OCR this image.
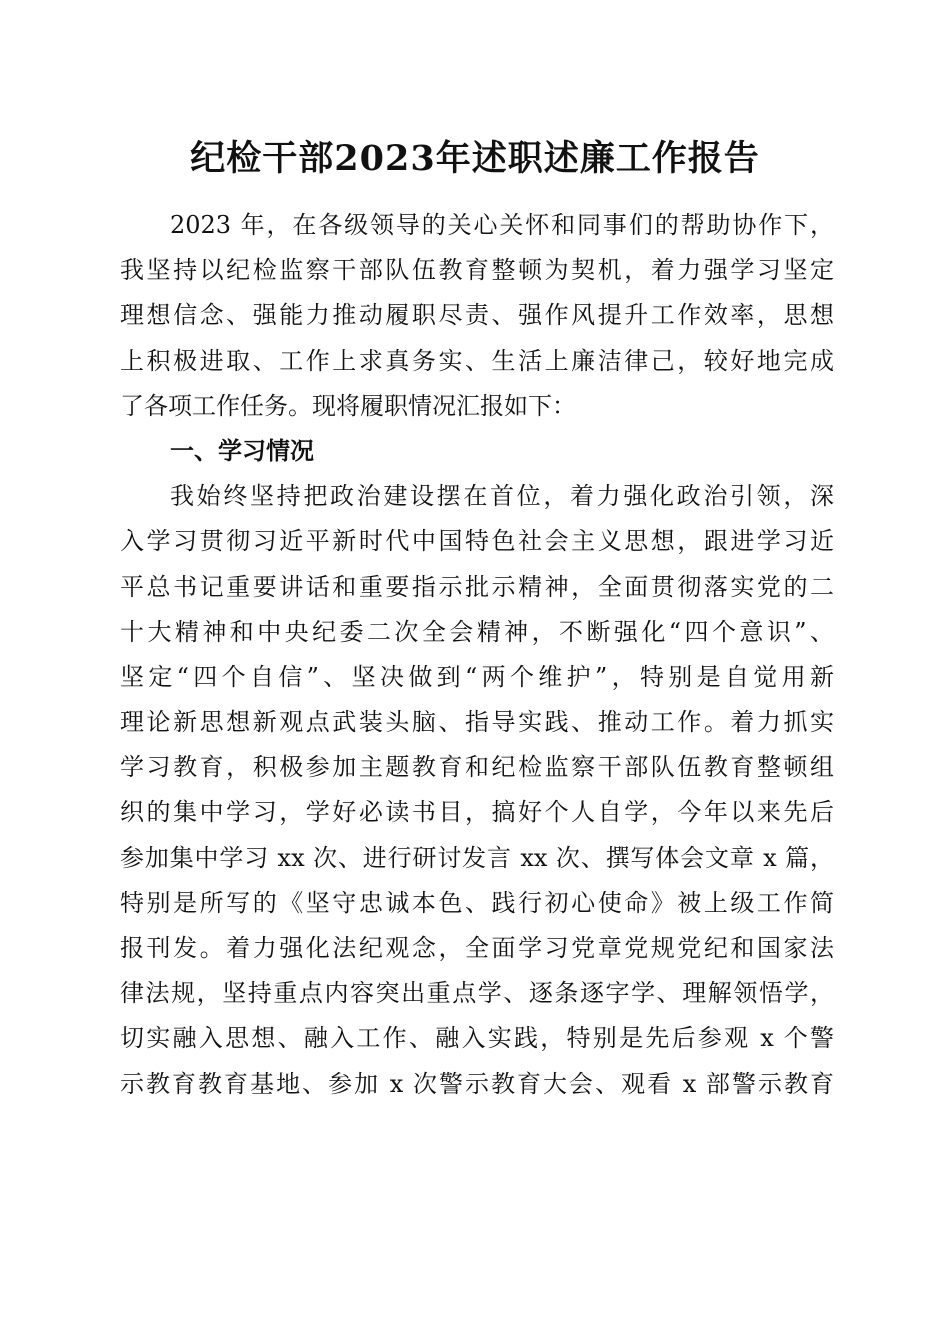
纪检干部2023年述职述廉工作报告
2023 年，在各级领导的关心关怀和同事们的帮助协作下，
我坚持以纪检监察干部队伍教育整顿为契机，着力强学习坚定
理想信念、强能力推动履职尽责、强作风提升工作效率，思想
上积极进取、工作上求真务实、生活上廉洁律己，较好地完成
了各项工作任务。现将履职情况汇报如下：
一、学习情况
我始终坚持把政治建设摆在首位，着力强化政治引领，深
入学习贯彻习近平新时代中国特色社会主义思想，跟进学习近
平总书记重要讲话和重要指示批示精神，全面贯彻落实党的二
十大精神和中央纪委二次全会精神，不断强化“四个意识”、
坚定“四个自信”、坚决做到“两个维护”，特别是自觉用新
理论新思想新观点武装头脑、指导实践、推动工作。着力抓实
学习教育，积极参加主题教育和纪检监察干部队伍教育整顿组
织的集中学习，学好必读书目，搞好个人自学，今年以来先后
参加集中学习 xx 次、进行研讨发言 xx 次、撰写体会文章 x 篇，
特别是所写的《坚守忠诚本色、践行初心使命》被上级工作简
报刊发。着力强化法纪观念，全面学习党章党规党纪和国家法
律法规，坚持重点内容突出重点学、逐条逐字学、理解领悟学，
切实融入思想、融入工作、融入实践，特别是先后参观 x 个警
示教育教育基地、参加 x 次警示教育大会、观看 x 部警示教育
